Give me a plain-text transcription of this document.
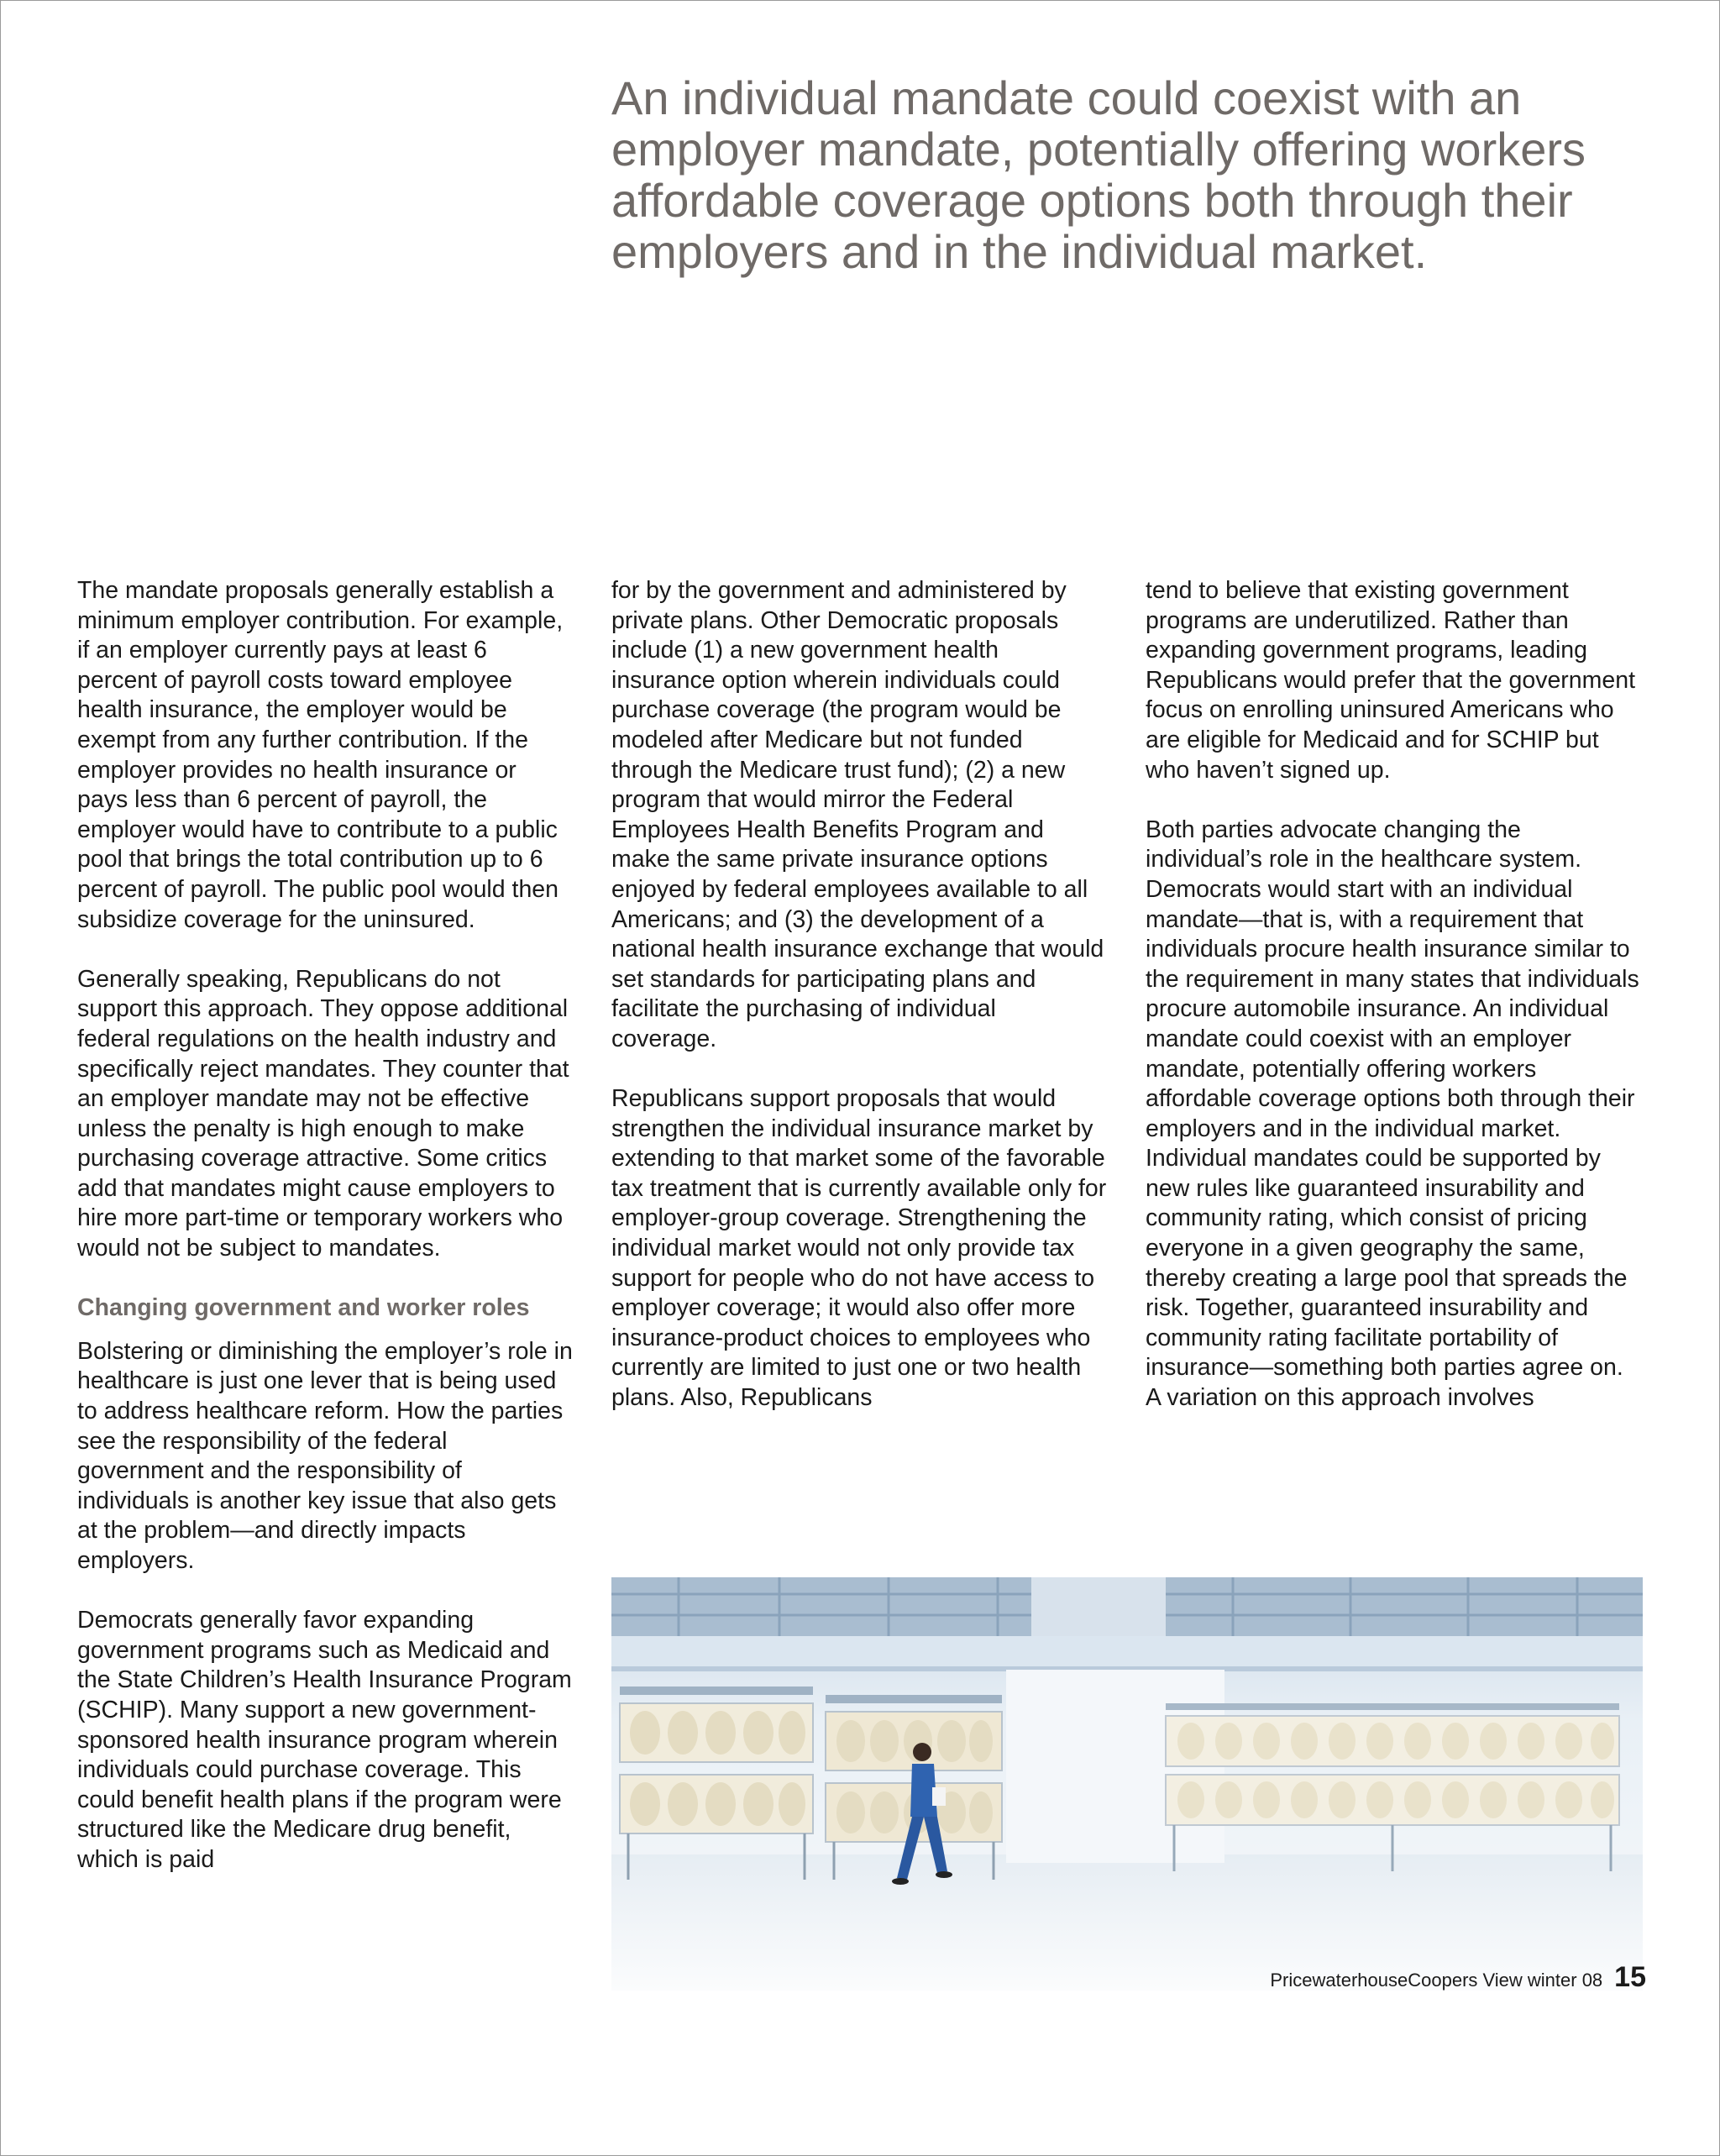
An individual mandate could coexist with an employer mandate, potentially offering workers affordable coverage options both through their employers and in the individual market.

The mandate proposals generally establish a minimum employer contribution. For example, if an employer currently pays at least 6 percent of payroll costs toward employee health insurance, the employer would be exempt from any further contribution. If the employer provides no health insurance or pays less than 6 percent of payroll, the employer would have to contribute to a public pool that brings the total contribution up to 6 percent of payroll. The public pool would then subsidize coverage for the uninsured.

Generally speaking, Republicans do not support this approach. They oppose additional federal regulations on the health industry and specifically reject mandates. They counter that an employer mandate may not be effective unless the penalty is high enough to make purchasing coverage attractive. Some critics add that mandates might cause employers to hire more part-time or temporary workers who would not be subject to mandates.

Changing government and worker roles

Bolstering or diminishing the employer’s role in healthcare is just one lever that is being used to address healthcare reform. How the parties see the responsibility of the federal government and the responsibility of individuals is another key issue that also gets at the problem—and directly impacts employers.

Democrats generally favor expanding government programs such as Medicaid and the State Children’s Health Insurance Program (SCHIP). Many support a new government-sponsored health insurance program wherein individuals could purchase coverage. This could benefit health plans if the program were structured like the Medicare drug benefit, which is paid

for by the government and administered by private plans. Other Democratic proposals include (1) a new government health insurance option wherein individuals could purchase coverage (the program would be modeled after Medicare but not funded through the Medicare trust fund); (2) a new program that would mirror the Federal Employees Health Benefits Program and make the same private insurance options enjoyed by federal employees available to all Americans; and (3) the development of a national health insurance exchange that would set standards for participating plans and facilitate the purchasing of individual coverage.

Republicans support proposals that would strengthen the individual insurance market by extending to that market some of the favorable tax treatment that is currently available only for employer-group coverage. Strengthening the individual market would not only provide tax support for people who do not have access to employer coverage; it would also offer more insurance-product choices to employees who currently are limited to just one or two health plans. Also, Republicans

tend to believe that existing government programs are underutilized. Rather than expanding government programs, leading Republicans would prefer that the government focus on enrolling uninsured Americans who are eligible for Medicaid and for SCHIP but who haven’t signed up.

Both parties advocate changing the individual’s role in the healthcare system. Democrats would start with an individual mandate—that is, with a requirement that individuals procure health insurance similar to the requirement in many states that individuals procure automobile insurance. An individual mandate could coexist with an employer mandate, potentially offering workers affordable coverage options both through their employers and in the individual market. Individual mandates could be supported by new rules like guaranteed insurability and community rating, which consist of pricing everyone in a given geography the same, thereby creating a large pool that spreads the risk. Together, guaranteed insurability and community rating facilitate portability of insurance—something both parties agree on. A variation on this approach involves

PricewaterhouseCoopers View winter 08 15
